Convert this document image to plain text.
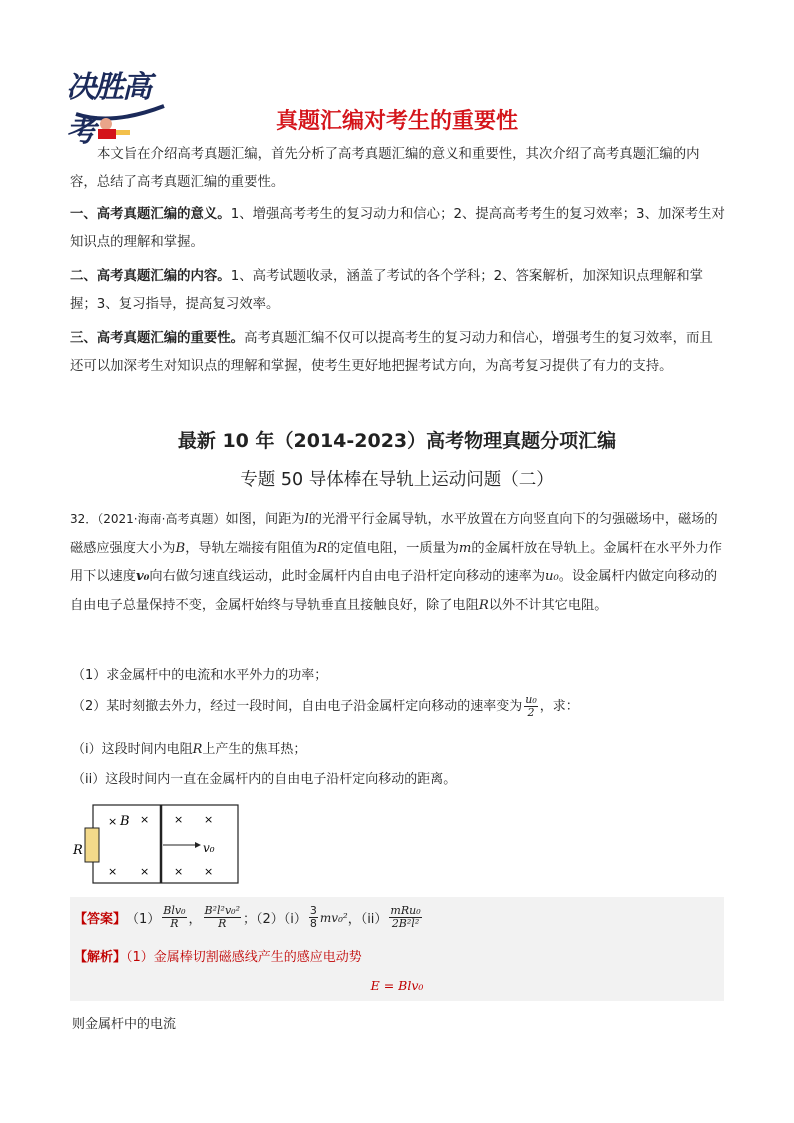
决胜高考	真题汇编对考生的重要性
本文旨在介绍高考真题汇编，首先分析了高考真题汇编的意义和重要性，其次介绍了高考真题汇编的内容，总结了高考真题汇编的重要性。
一、高考真题汇编的意义。1、增强高考考生的复习动力和信心；2、提高高考考生的复习效率；3、加深考生对知识点的理解和掌握。
二、高考真题汇编的内容。1、高考试题收录，涵盖了考试的各个学科；2、答案解析，加深知识点理解和掌握；3、复习指导，提高复习效率。
三、高考真题汇编的重要性。高考真题汇编不仅可以提高考生的复习动力和信心，增强考生的复习效率，而且还可以加深考生对知识点的理解和掌握，使考生更好地把握考试方向，为高考复习提供了有力的支持。
最新 10 年（2014-2023）高考物理真题分项汇编
专题 50 导体棒在导轨上运动问题（二）
32．（2021·海南·高考真题）如图，间距为l的光滑平行金属导轨，水平放置在方向竖直向下的匀强磁场中，磁场的磁感应强度大小为B，导轨左端接有阻值为R的定值电阻，一质量为m的金属杆放在导轨上。金属杆在水平外力作用下以速度v₀向右做匀速直线运动，此时金属杆内自由电子沿杆定向移动的速率为u₀。设金属杆内做定向移动的自由电子总量保持不变，金属杆始终与导轨垂直且接触良好，除了电阻R以外不计其它电阻。
（1）求金属杆中的电流和水平外力的功率；
（2）某时刻撤去外力，经过一段时间，自由电子沿金属杆定向移动的速率变为 $\frac{\text{u₀}}{2}$ ，求：
（i）这段时间内电阻R上产生的焦耳热；
（ii）这段时间内一直在金属杆内的自由电子沿杆定向移动的距离。
R
B
× × × ×
× × × ×
v₀
【答案】 $(1) \frac{\text{Blv₀}}{R}$ ， $\frac{\text{B²l²v₀²}}{R}$ ；$(2)(i) \frac{3}{8} mv_0^2$ ，$(ii) \frac{\text{mRu₀}}{\text{2B²l²}}$
【解析】（1）金属棒切割磁感线产生的感应电动势
E = Blv₀
则金属杆中的电流
